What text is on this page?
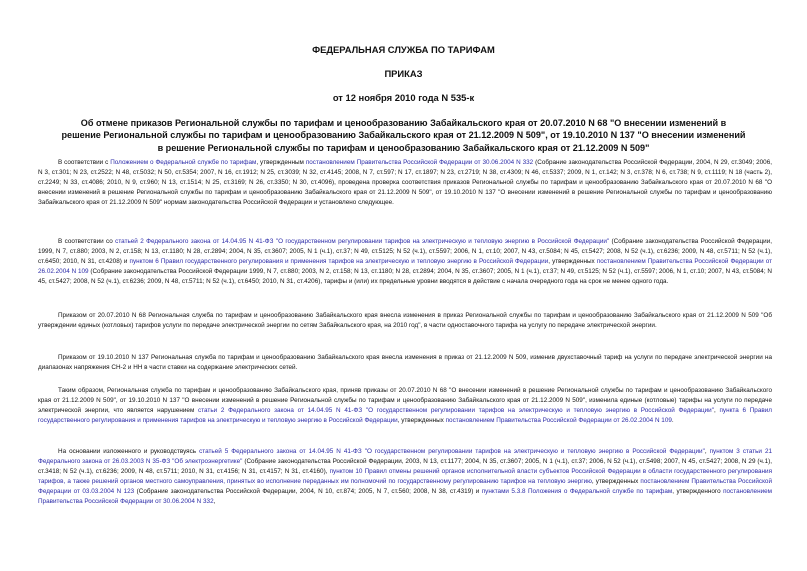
ФЕДЕРАЛЬНАЯ СЛУЖБА ПО ТАРИФАМ
ПРИКАЗ
от 12 ноября 2010 года N 535-к
Об отмене приказов Региональной службы по тарифам и ценообразованию Забайкальского края от 20.07.2010 N 68 "О внесении изменений в решение Региональной службы по тарифам и ценообразованию Забайкальского края от 21.12.2009 N 509", от 19.10.2010 N 137 "О внесении изменений в решение Региональной службы по тарифам и ценообразованию Забайкальского края от 21.12.2009 N 509"

В соответствии с Положением о Федеральной службе по тарифам, утвержденным постановлением Правительства Российской Федерации от 30.06.2004 N 332 (Собрание законодательства Российской Федерации, 2004, N 29, ст.3049; 2006, N 3, ст.301; N 23, ст.2522; N 48, ст.5032; N 50, ст.5354; 2007, N 16, ст.1912; N 25, ст.3039; N 32, ст.4145; 2008, N 7, ст.597; N 17, ст.1897; N 23, ст.2719; N 38, ст.4309; N 46, ст.5337; 2009, N 1, ст.142; N 3, ст.378; N 6, ст.738; N 9, ст.1119; N 18 (часть 2), ст.2249; N 33, ст.4086; 2010, N 9, ст.960; N 13, ст.1514; N 25, ст.3169; N 26, ст.3350; N 30, ст.4096), проведена проверка соответствия приказов Региональной службы по тарифам и ценообразованию Забайкальского края от 20.07.2010 N 68 "О внесении изменений в решение Региональной службы по тарифам и ценообразованию Забайкальского края от 21.12.2009 N 509", от 19.10.2010 N 137 "О внесении изменений в решение Региональной службы по тарифам и ценообразованию Забайкальского края от 21.12.2009 N 509" нормам законодательства Российской Федерации и установлено следующее.

В соответствии со статьей 2 Федерального закона от 14.04.95 N 41-ФЗ "О государственном регулировании тарифов на электрическую и тепловую энергию в Российской Федерации" (Собрание законодательства Российской Федерации, 1999, N 7, ст.880; 2003, N 2, ст.158; N 13, ст.1180; N 28, ст.2894; 2004, N 35, ст.3607; 2005, N 1 (ч.1), ст.37; N 49, ст.5125; N 52 (ч.1), ст.5597; 2006, N 1, ст.10; 2007, N 43, ст.5084; N 45, ст.5427; 2008, N 52 (ч.1), ст.6236; 2009, N 48, ст.5711; N 52 (ч.1), ст.6450; 2010, N 31, ст.4208) и пунктом 6 Правил государственного регулирования и применения тарифов на электрическую и тепловую энергию в Российской Федерации, утвержденных постановлением Правительства Российской Федерации от 26.02.2004 N 109 (Собрание законодательства Российской Федерации 1999, N 7, ст.880; 2003, N 2, ст.158; N 13, ст.1180; N 28, ст.2894; 2004, N 35, ст.3607; 2005, N 1 (ч.1), ст.37; N 49, ст.5125; N 52 (ч.1), ст.5597; 2006, N 1, ст.10; 2007, N 43, ст.5084; N 45, ст.5427; 2008, N 52 (ч.1), ст.6236; 2009, N 48, ст.5711; N 52 (ч.1), ст.6450; 2010, N 31, ст.4206), тарифы и (или) их предельные уровни вводятся в действие с начала очередного года на срок не менее одного года.

Приказом от 20.07.2010 N 68 Региональная служба по тарифам и ценообразованию Забайкальского края внесла изменения в приказ Региональной службы по тарифам и ценообразованию Забайкальского края от 21.12.2009 N 509 "Об утверждении единых (котловых) тарифов услуги по передаче электрической энергии по сетям Забайкальского края, на 2010 год", в части одноставочного тарифа на услугу по передаче электрической энергии.

Приказом от 19.10.2010 N 137 Региональная служба по тарифам и ценообразованию Забайкальского края внесла изменения в приказ от 21.12.2009 N 509, изменив двухставочный тариф на услуги по передаче электрической энергии на диапазонах напряжения СН-2 и НН в части ставки на содержание электрических сетей.

Таким образом, Региональная служба по тарифам и ценообразованию Забайкальского края, приняв приказы от 20.07.2010 N 68 "О внесении изменений в решение Региональной службы по тарифам и ценообразованию Забайкальского края от 21.12.2009 N 509", от 19.10.2010 N 137 "О внесении изменений в решение Региональной службы по тарифам и ценообразованию Забайкальского края от 21.12.2009 N 509", изменила единые (котловые) тарифы на услуги по передаче электрической энергии, что является нарушением статьи 2 Федерального закона от 14.04.95 N 41-ФЗ "О государственном регулировании тарифов на электрическую и тепловую энергию в Российской Федерации", пункта 6 Правил государственного регулирования и применения тарифов на электрическую и тепловую энергию в Российской Федерации, утвержденных постановлением Правительства Российской Федерации от 26.02.2004 N 109.

На основании изложенного и руководствуясь статьей 5 Федерального закона от 14.04.95 N 41-ФЗ "О государственном регулировании тарифов на электрическую и тепловую энергию в Российской Федерации", пунктом 3 статьи 21 Федерального закона от 26.03.2003 N 35-ФЗ "Об электроэнергетике" (Собрание законодательства Российской Федерации, 2003, N 13, ст.1177; 2004, N 35, ст.3607; 2005, N 1 (ч.1), ст.37; 2006, N 52 (ч.1), ст.5498; 2007, N 45, ст.5427; 2008, N 29 (ч.1), ст.3418; N 52 (ч.1), ст.6236; 2009, N 48, ст.5711; 2010, N 31, ст.4156; N 31, ст.4157; N 31, ст.4160), пунктом 10 Правил отмены решений органов исполнительной власти субъектов Российской Федерации в области государственного регулирования тарифов, а также решений органов местного самоуправления, принятых во исполнение переданных им полномочий по государственному регулированию тарифов на тепловую энергию, утвержденных постановлением Правительства Российской Федерации от 03.03.2004 N 123 (Собрание законодательства Российской Федерации, 2004, N 10, ст.874; 2005, N 7, ст.560; 2008, N 38, ст.4319) и пунктами 5.3.8 Положения о Федеральной службе по тарифам, утвержденного постановлением Правительства Российской Федерации от 30.06.2004 N 332,
